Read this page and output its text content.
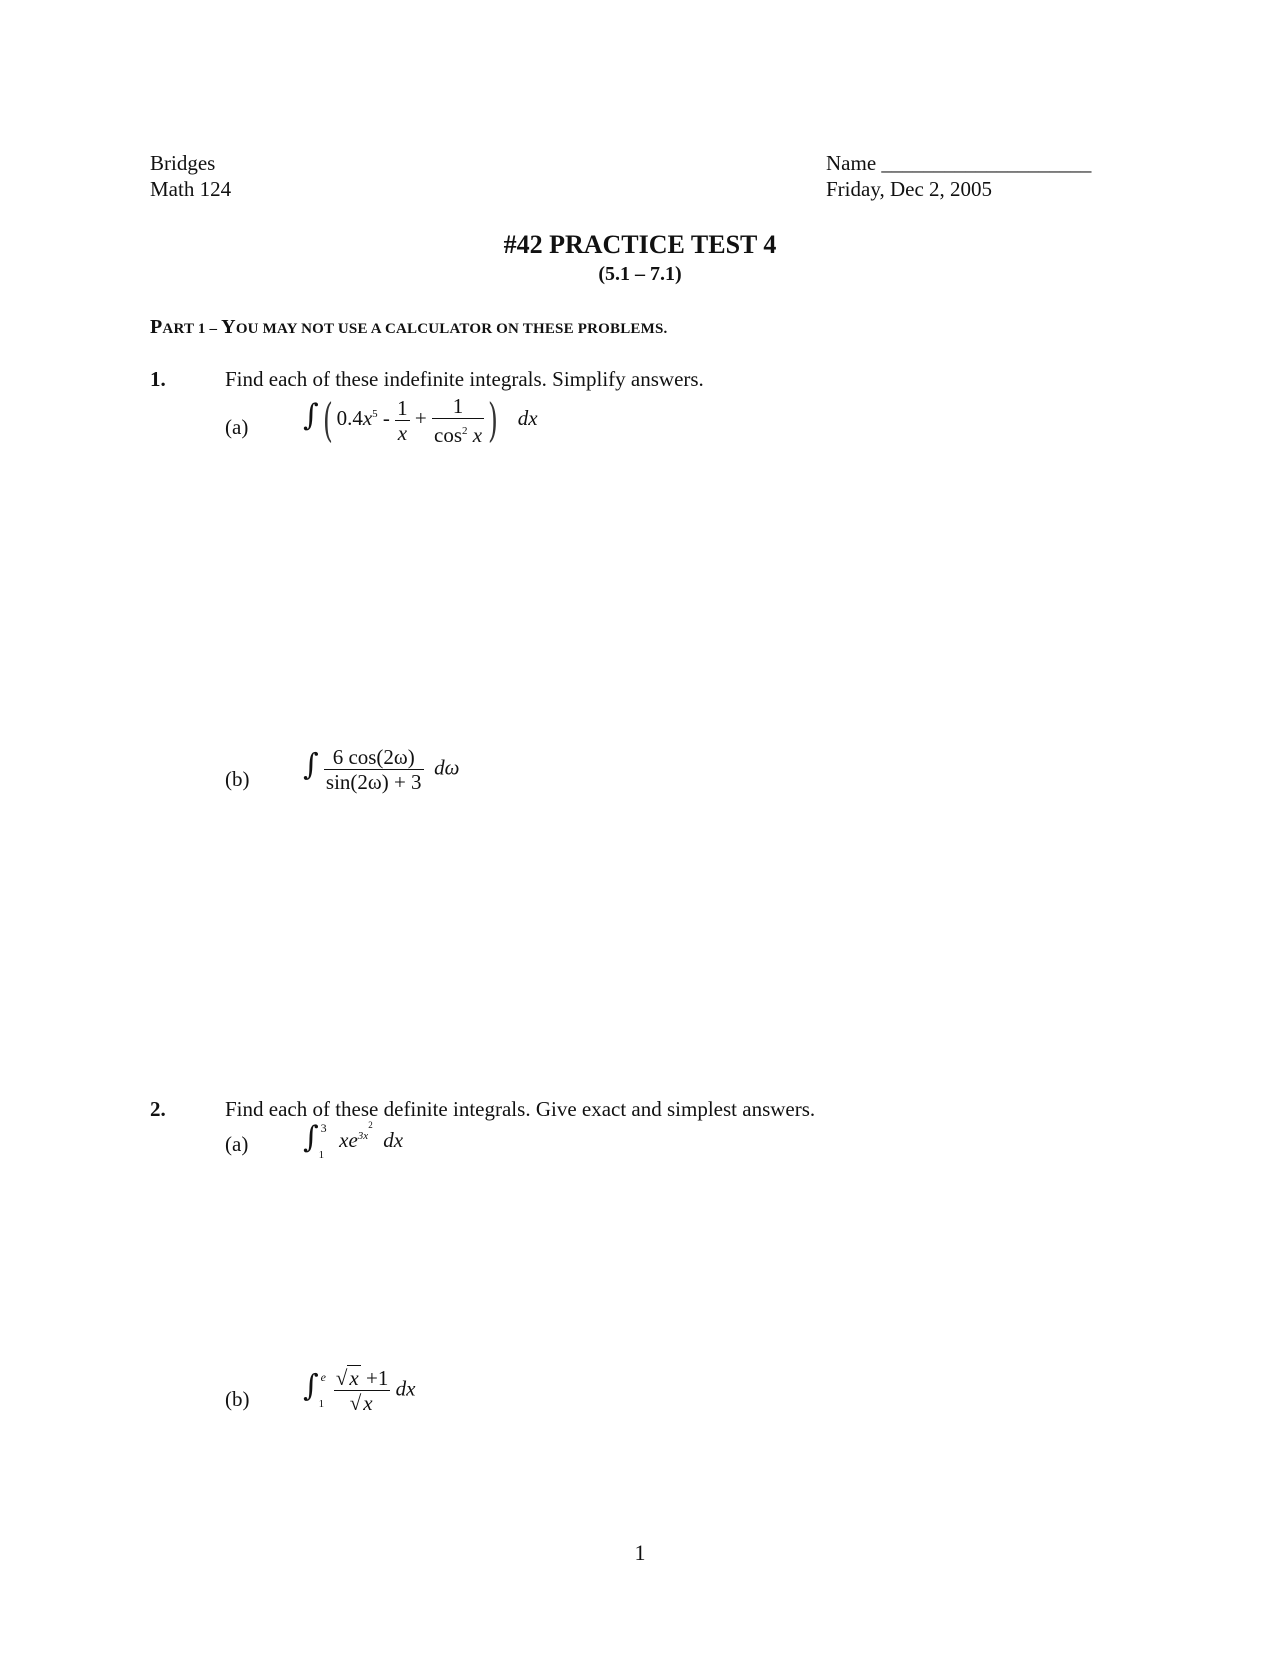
Bridges
Math 124
Name ____________________
Friday, Dec 2, 2005
#42 PRACTICE TEST 4
(5.1 – 7.1)
PART 1 – YOU MAY NOT USE A CALCULATOR ON THESE PROBLEMS.
1.	Find each of these indefinite integrals. Simplify answers.
(a) ∫( $0.4x^5 - \frac{1}{x} + \frac{1}{\cos^2 x}$ ) dx
(b) ∫ $\frac{6 \cos(2\omega)}{\sin(2\omega) + 3}$ dω
2.	Find each of these definite integrals. Give exact and simplest answers.
(a) ∫ 3
1
$xe^{3x2}$  dx
(b) ∫ e
1
$\frac{√x +1}{√x}$ dx
1
